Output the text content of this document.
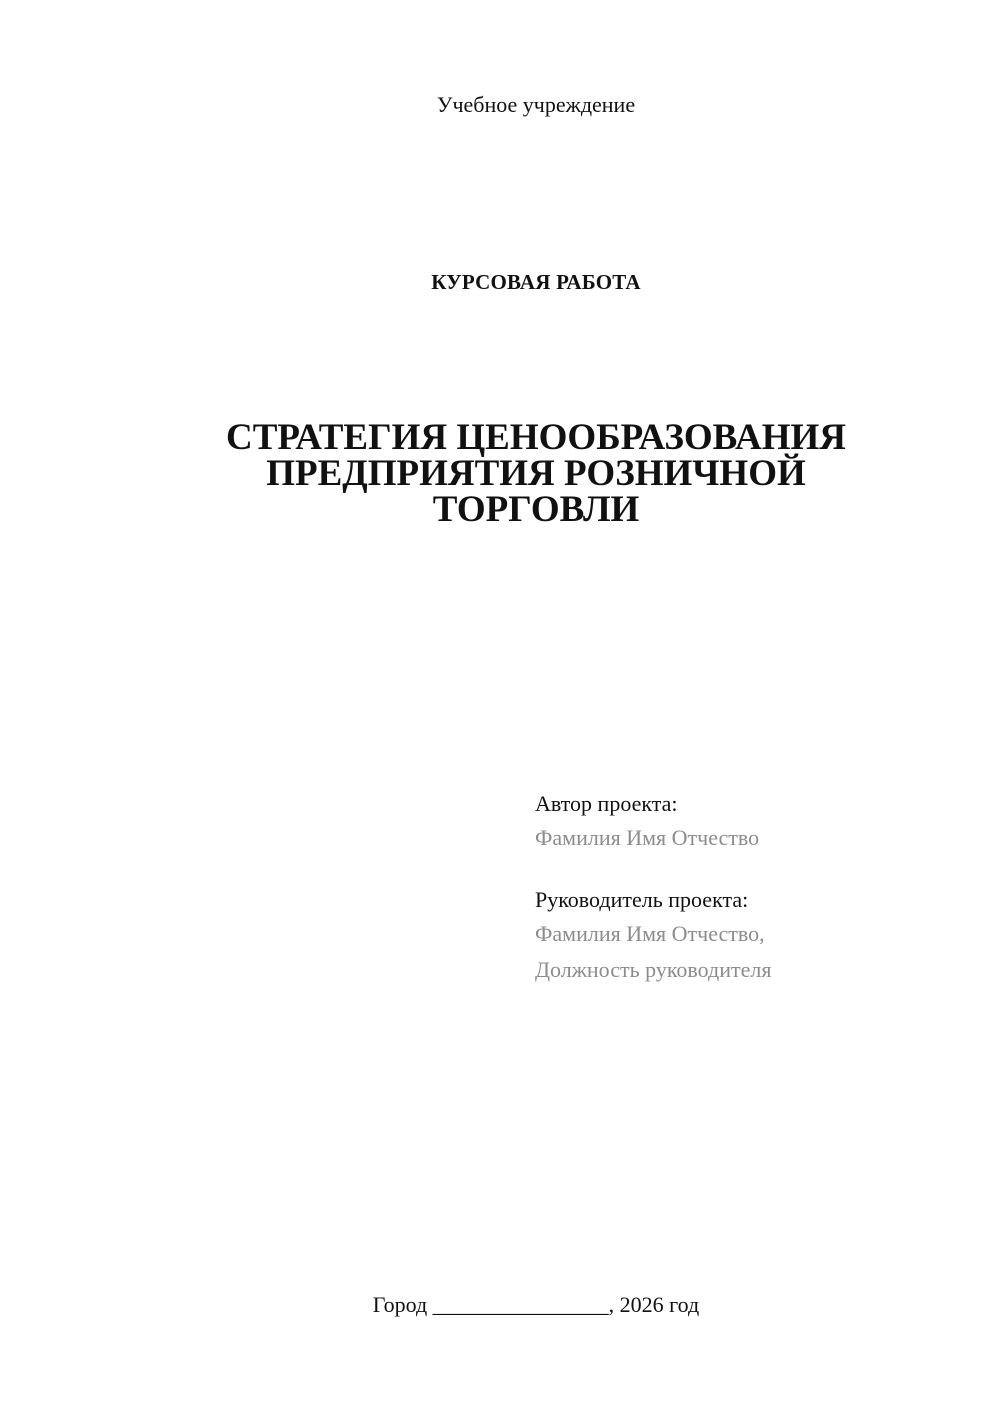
Учебное учреждение
КУРСОВАЯ РАБОТА
СТРАТЕГИЯ ЦЕНООБРАЗОВАНИЯ
ПРЕДПРИЯТИЯ РОЗНИЧНОЙ
ТОРГОВЛИ
Автор проекта:
Фамилия Имя Отчество
Руководитель проекта:
Фамилия Имя Отчество,
Должность руководителя
Город ________________, 2026 год
